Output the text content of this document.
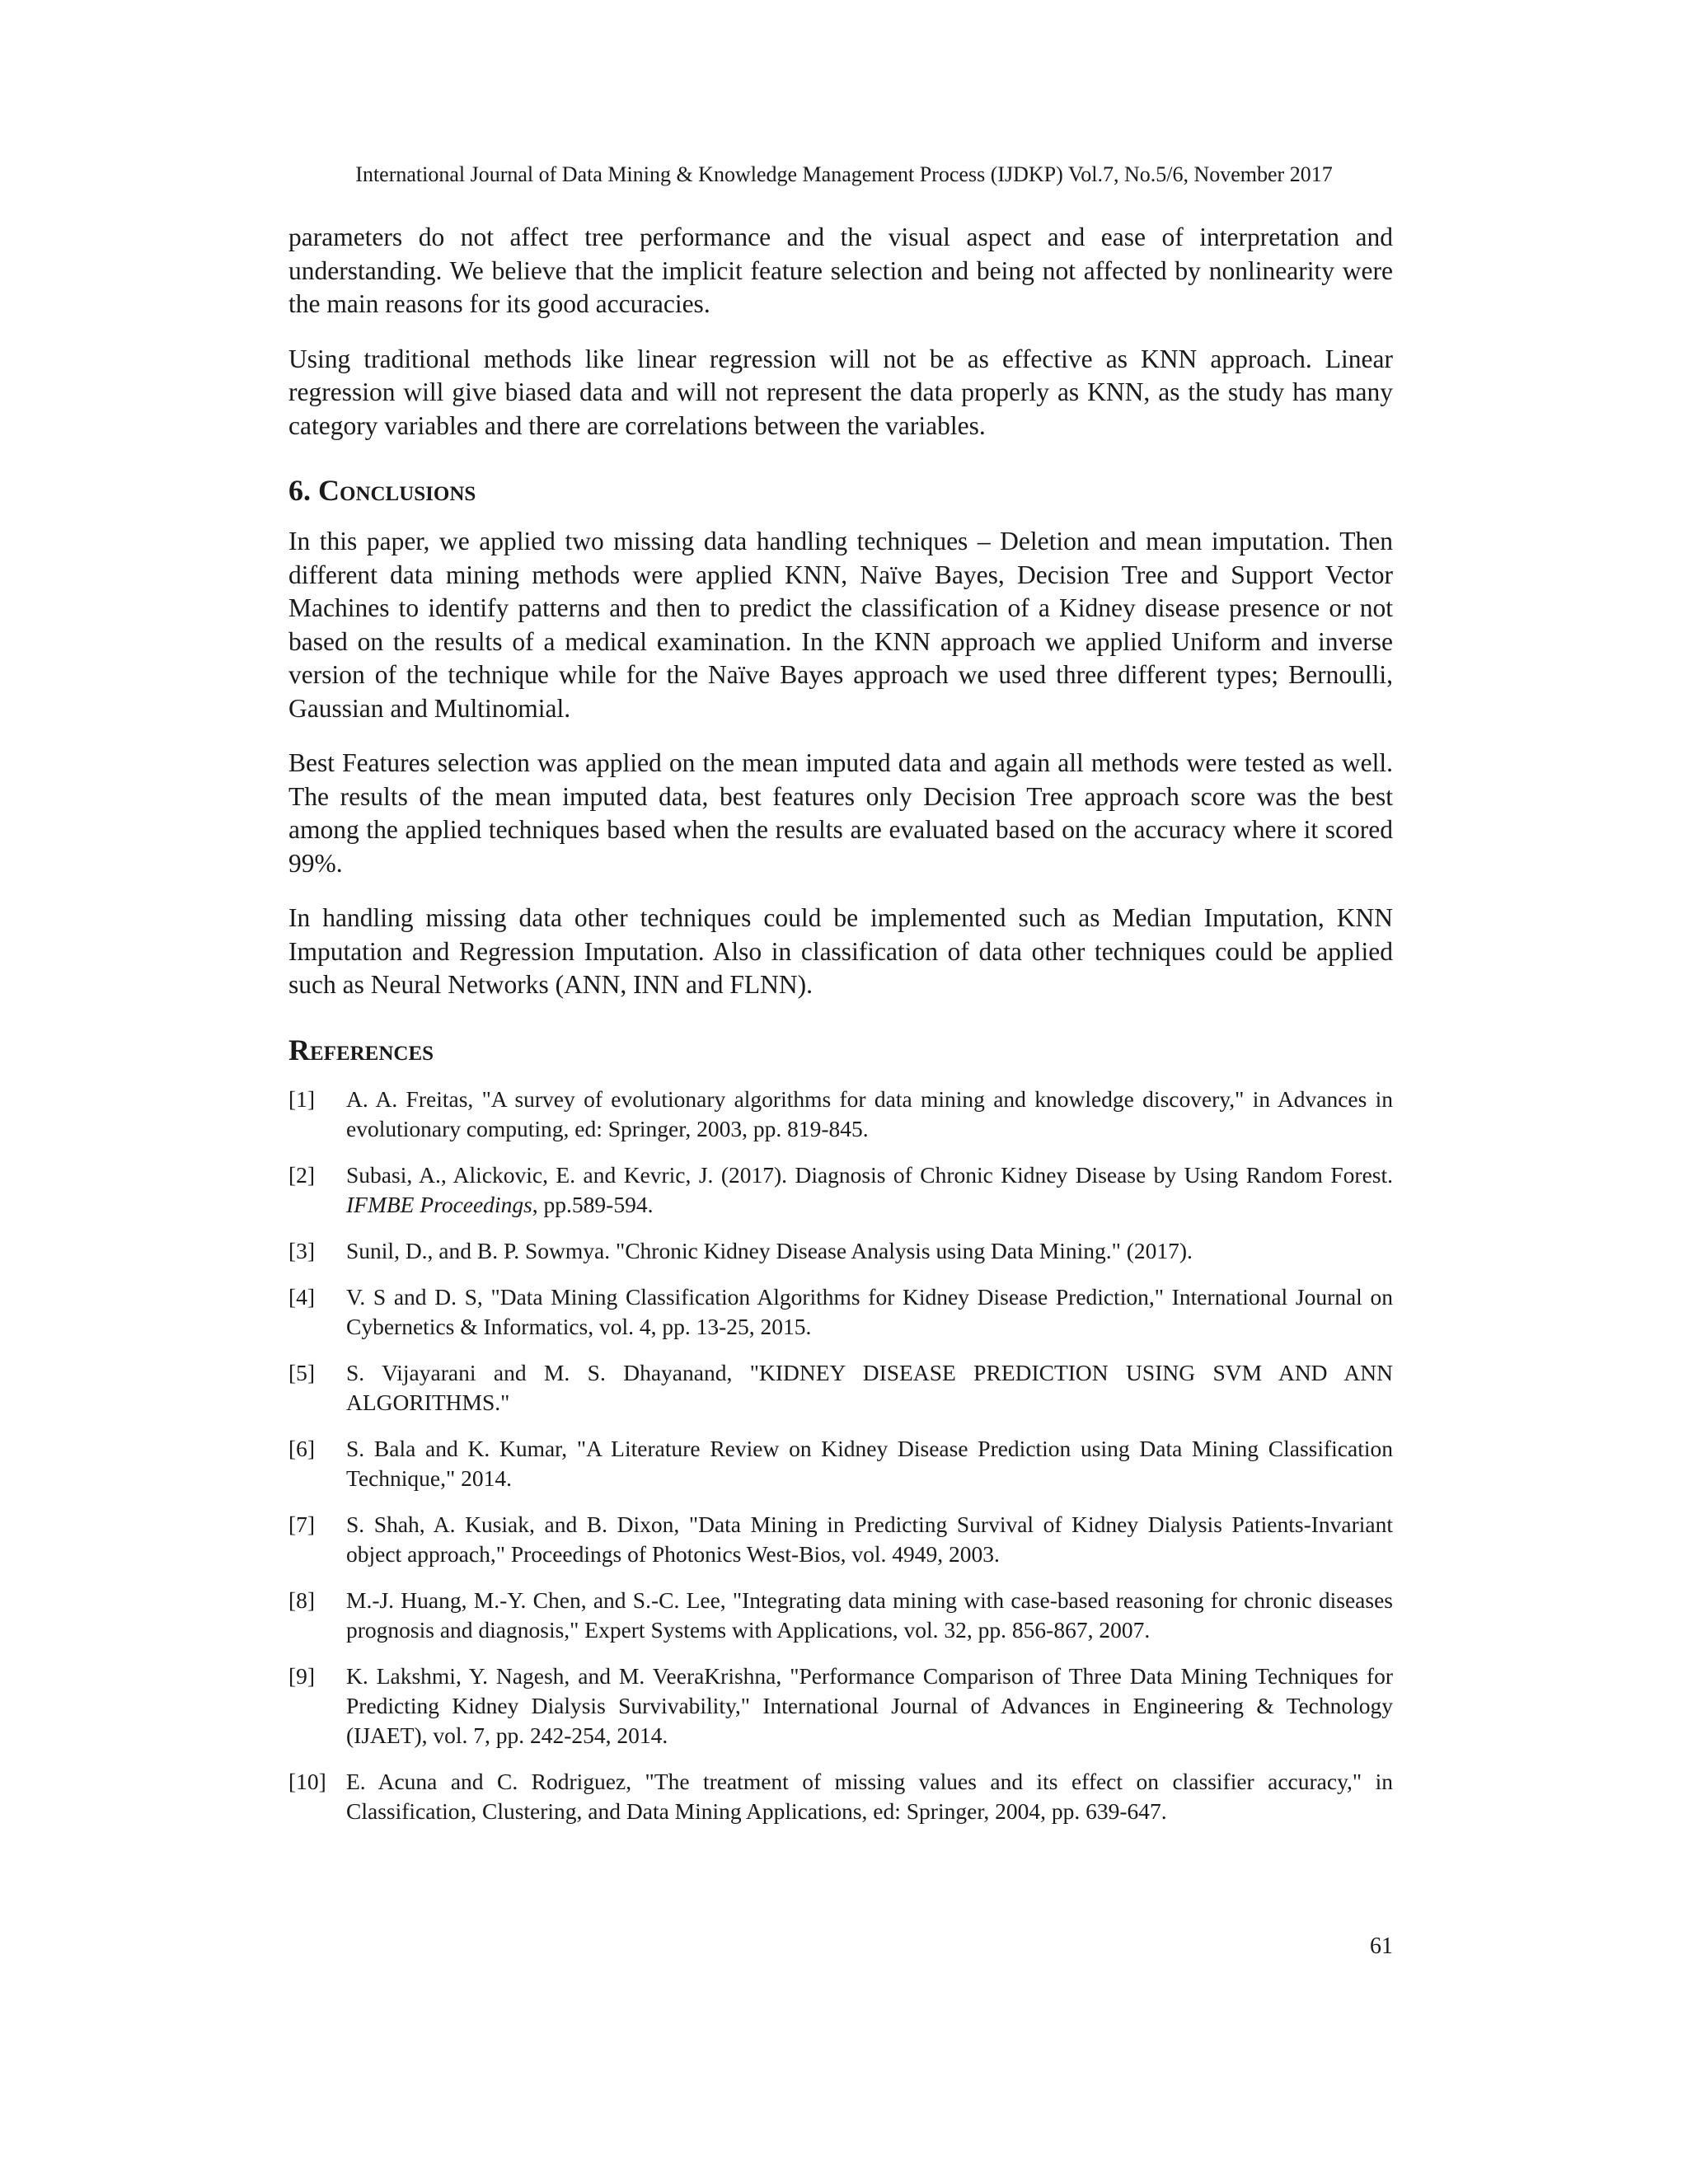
International Journal of Data Mining & Knowledge Management Process (IJDKP) Vol.7, No.5/6, November 2017

parameters do not affect tree performance and the visual aspect and ease of interpretation and understanding. We believe that the implicit feature selection and being not affected by nonlinearity were the main reasons for its good accuracies.

Using traditional methods like linear regression will not be as effective as KNN approach. Linear regression will give biased data and will not represent the data properly as KNN, as the study has many category variables and there are correlations between the variables.

6. Conclusions

In this paper, we applied two missing data handling techniques – Deletion and mean imputation. Then different data mining methods were applied KNN, Naïve Bayes, Decision Tree and Support Vector Machines to identify patterns and then to predict the classification of a Kidney disease presence or not based on the results of a medical examination. In the KNN approach we applied Uniform and inverse version of the technique while for the Naïve Bayes approach we used three different types; Bernoulli, Gaussian and Multinomial.

Best Features selection was applied on the mean imputed data and again all methods were tested as well. The results of the mean imputed data, best features only Decision Tree approach score was the best among the applied techniques based when the results are evaluated based on the accuracy where it scored 99%.

In handling missing data other techniques could be implemented such as Median Imputation, KNN Imputation and Regression Imputation. Also in classification of data other techniques could be applied such as Neural Networks (ANN, INN and FLNN).

References
[1]	A. A. Freitas, "A survey of evolutionary algorithms for data mining and knowledge discovery," in Advances in evolutionary computing, ed: Springer, 2003, pp. 819-845.
[2]	Subasi, A., Alickovic, E. and Kevric, J. (2017). Diagnosis of Chronic Kidney Disease by Using Random Forest. IFMBE Proceedings, pp.589-594.
[3]	Sunil, D., and B. P. Sowmya. "Chronic Kidney Disease Analysis using Data Mining." (2017).
[4]	V. S and D. S, "Data Mining Classification Algorithms for Kidney Disease Prediction," International Journal on Cybernetics & Informatics, vol. 4, pp. 13-25, 2015.
[5]	S. Vijayarani and M. S. Dhayanand, "KIDNEY DISEASE PREDICTION USING SVM AND ANN ALGORITHMS."
[6]	S. Bala and K. Kumar, "A Literature Review on Kidney Disease Prediction using Data Mining Classification Technique," 2014.
[7]	S. Shah, A. Kusiak, and B. Dixon, "Data Mining in Predicting Survival of Kidney Dialysis Patients-Invariant object approach," Proceedings of Photonics West-Bios, vol. 4949, 2003.
[8]	M.-J. Huang, M.-Y. Chen, and S.-C. Lee, "Integrating data mining with case-based reasoning for chronic diseases prognosis and diagnosis," Expert Systems with Applications, vol. 32, pp. 856-867, 2007.
[9]	K. Lakshmi, Y. Nagesh, and M. VeeraKrishna, "Performance Comparison of Three Data Mining Techniques for Predicting Kidney Dialysis Survivability," International Journal of Advances in Engineering & Technology (IJAET), vol. 7, pp. 242-254, 2014.
[10] E. Acuna and C. Rodriguez, "The treatment of missing values and its effect on classifier accuracy," in Classification, Clustering, and Data Mining Applications, ed: Springer, 2004, pp. 639-647.
61
